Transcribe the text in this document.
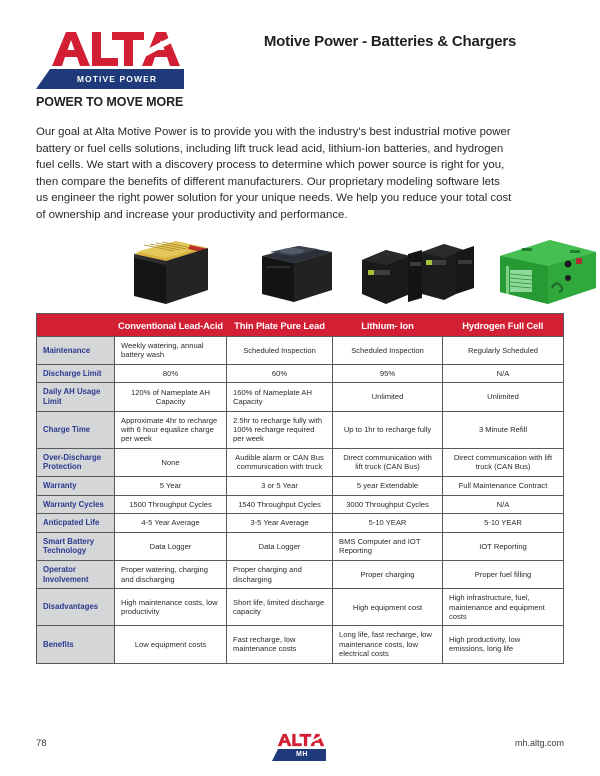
MOTIVE POWER
POWER TO MOVE MORE
Motive Power - Batteries & Chargers
Our goal at Alta Motive Power is to provide you with the industry’s best industrial motive power battery or fuel cells solutions, including lift truck lead acid, lithium-ion batteries, and hydrogen fuel cells. We start with a discovery process to determine which power source is right for you, then compare the benefits of different manufacturers. Our proprietary modeling software lets us engineer the right power solution for your unique needs. We help you reduce your total cost of ownership and increase your productivity and performance.
	Conventional Lead-Acid	Thin Plate Pure Lead	Lithium- Ion	Hydrogen Full Cell
Maintenance	Weekly watering, annual battery wash	Scheduled Inspection	Scheduled Inspection	Regularly Scheduled
Discharge Limit	80%	60%	95%	N/A
Daily AH Usage Limit	120% of Nameplate AH Capacity	160% of Nameplate AH Capacity	Unlimited	Unlimited
Charge Time	Approximate 4hr to recharge with 6 hour equalize charge per week	2.5hr to recharge fully with 100% recharge required per week	Up to 1hr to recharge fully	3 Minute Refill
Over-Discharge Protection	None	Audible alarm or CAN Bus communication with truck	Direct communication with lift truck (CAN Bus)	Direct communication with lift truck (CAN Bus)
Warranty	5 Year	3 or 5 Year	5 year Extendable	Full Maintenance Contract
Warranty Cycles	1500 Throughput Cycles	1540 Throughput Cycles	3000 Throughput Cycles	N/A
Anticpated Life	4-5 Year Average	3-5 Year Average	5-10 YEAR	5-10 YEAR
Smart Battery Technology	Data Logger	Data Logger	BMS Computer and IOT Reporting	IOT Reporting
Operator Involvement	Proper watering, charging and discharging	Proper charging and discharging	Proper charging	Proper fuel filling
Disadvantages	High maintenance costs, low productivity	Short life, limited discharge capacity	High equipment cost	High infrastructure, fuel, maintenance and equipment costs
Benefits	Low equipment costs	Fast recharge, low maintenance costs	Long life, fast recharge, low maintenance costs, low electrical costs	High productivity, low emissions, long life
78
MH
mh.altg.com
